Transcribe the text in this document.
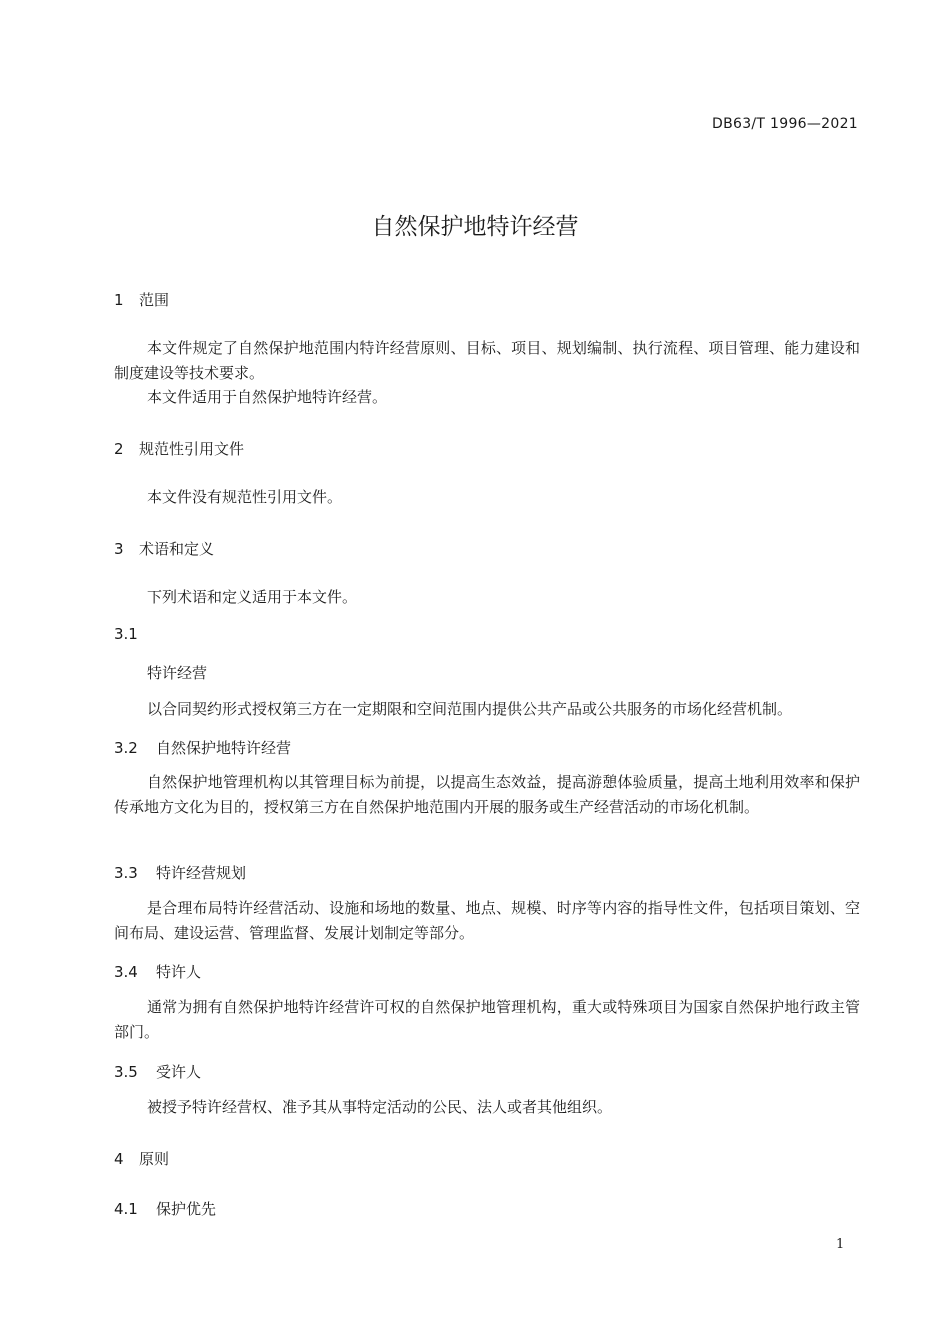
DB63/T 1996—2021
自然保护地特许经营
1 范围
本文件规定了自然保护地范围内特许经营原则、目标、项目、规划编制、执行流程、项目管理、能力建设和制度建设等技术要求。
本文件适用于自然保护地特许经营。
2 规范性引用文件
本文件没有规范性引用文件。
3 术语和定义
下列术语和定义适用于本文件。
3.1
特许经营
以合同契约形式授权第三方在一定期限和空间范围内提供公共产品或公共服务的市场化经营机制。
3.2 自然保护地特许经营
自然保护地管理机构以其管理目标为前提，以提高生态效益，提高游憩体验质量，提高土地利用效率和保护传承地方文化为目的，授权第三方在自然保护地范围内开展的服务或生产经营活动的市场化机制。
3.3 特许经营规划
是合理布局特许经营活动、设施和场地的数量、地点、规模、时序等内容的指导性文件，包括项目策划、空间布局、建设运营、管理监督、发展计划制定等部分。
3.4 特许人
通常为拥有自然保护地特许经营许可权的自然保护地管理机构，重大或特殊项目为国家自然保护地行政主管部门。
3.5 受许人
被授予特许经营权、准予其从事特定活动的公民、法人或者其他组织。
4 原则
4.1 保护优先
1
